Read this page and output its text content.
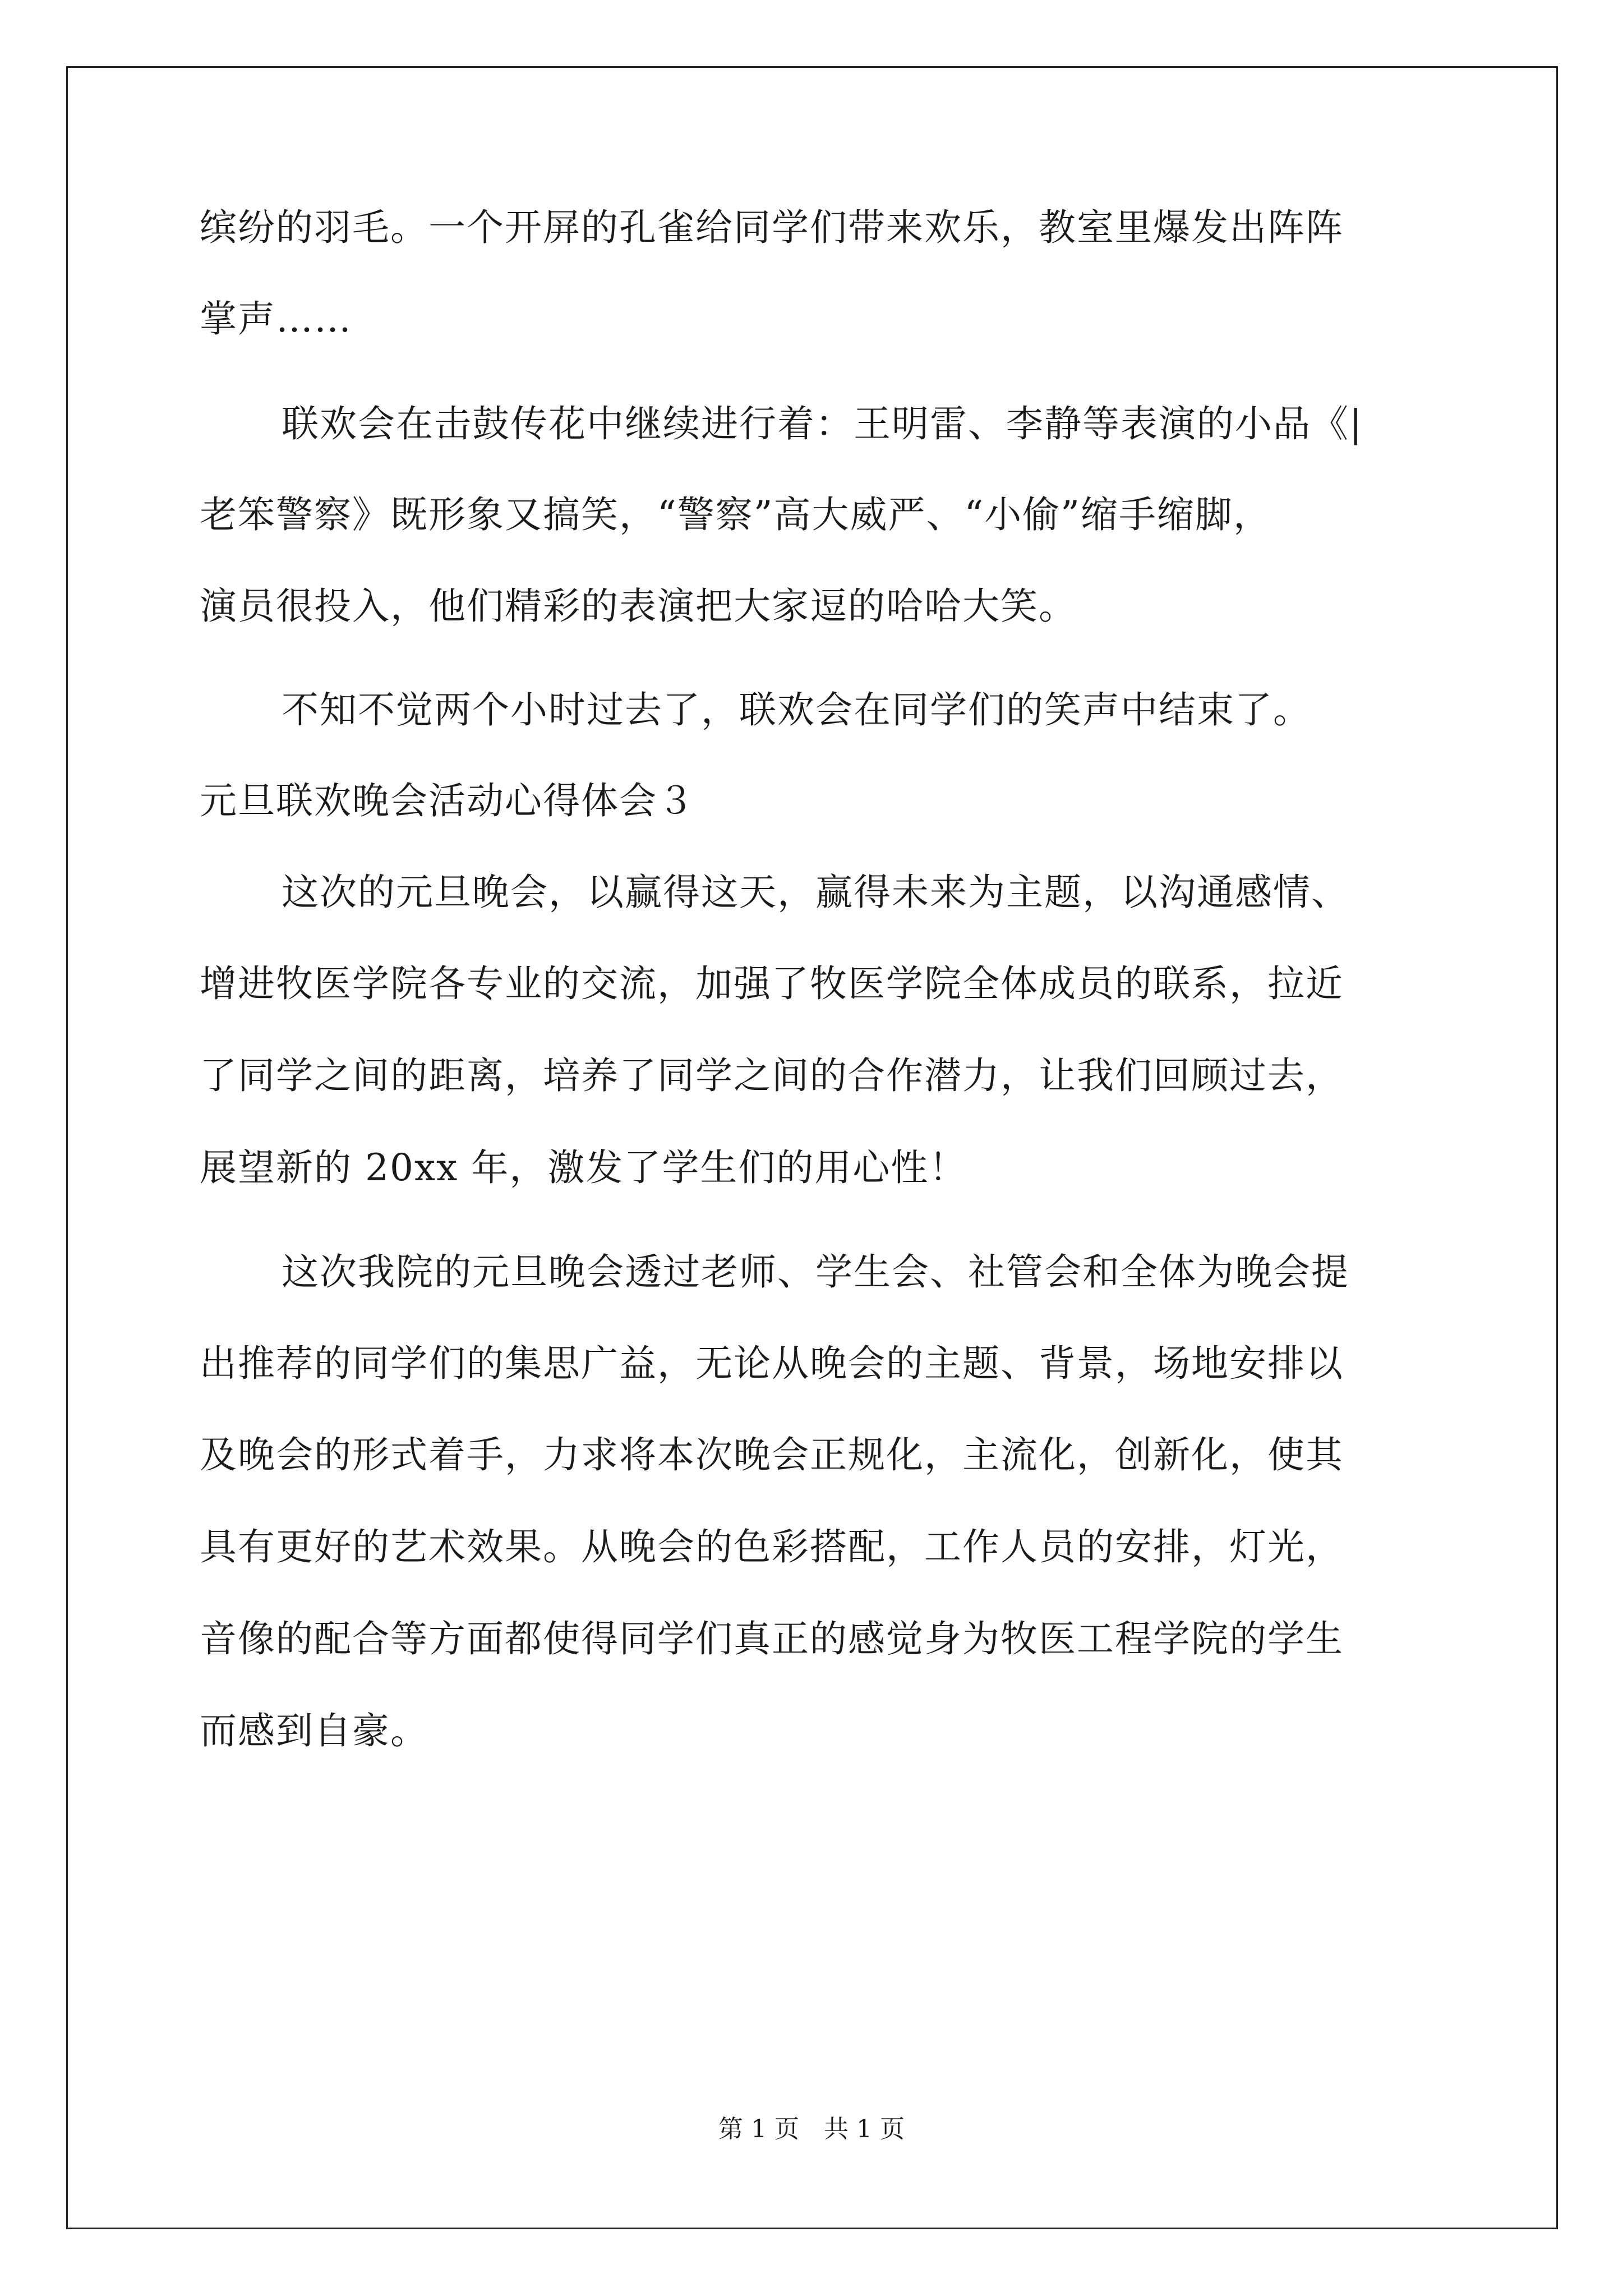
缤纷的羽毛。一个开屏的孔雀给同学们带来欢乐，教室里爆发出阵阵
掌声……
联欢会在击鼓传花中继续进行着：王明雷、李静等表演的小品《|
老笨警察》既形象又搞笑，“警察”高大威严、“小偷”缩手缩脚，
演员很投入，他们精彩的表演把大家逗的哈哈大笑。
不知不觉两个小时过去了，联欢会在同学们的笑声中结束了。
元旦联欢晚会活动心得体会３
这次的元旦晚会，以赢得这天，赢得未来为主题，以沟通感情、
增进牧医学院各专业的交流，加强了牧医学院全体成员的联系，拉近
了同学之间的距离，培养了同学之间的合作潜力，让我们回顾过去，
展望新的 20xx 年，激发了学生们的用心性！
这次我院的元旦晚会透过老师、学生会、社管会和全体为晚会提
出推荐的同学们的集思广益，无论从晚会的主题、背景，场地安排以
及晚会的形式着手，力求将本次晚会正规化，主流化，创新化，使其
具有更好的艺术效果。从晚会的色彩搭配，工作人员的安排，灯光，
音像的配合等方面都使得同学们真正的感觉身为牧医工程学院的学生
而感到自豪。
第 1 页　共 1 页
